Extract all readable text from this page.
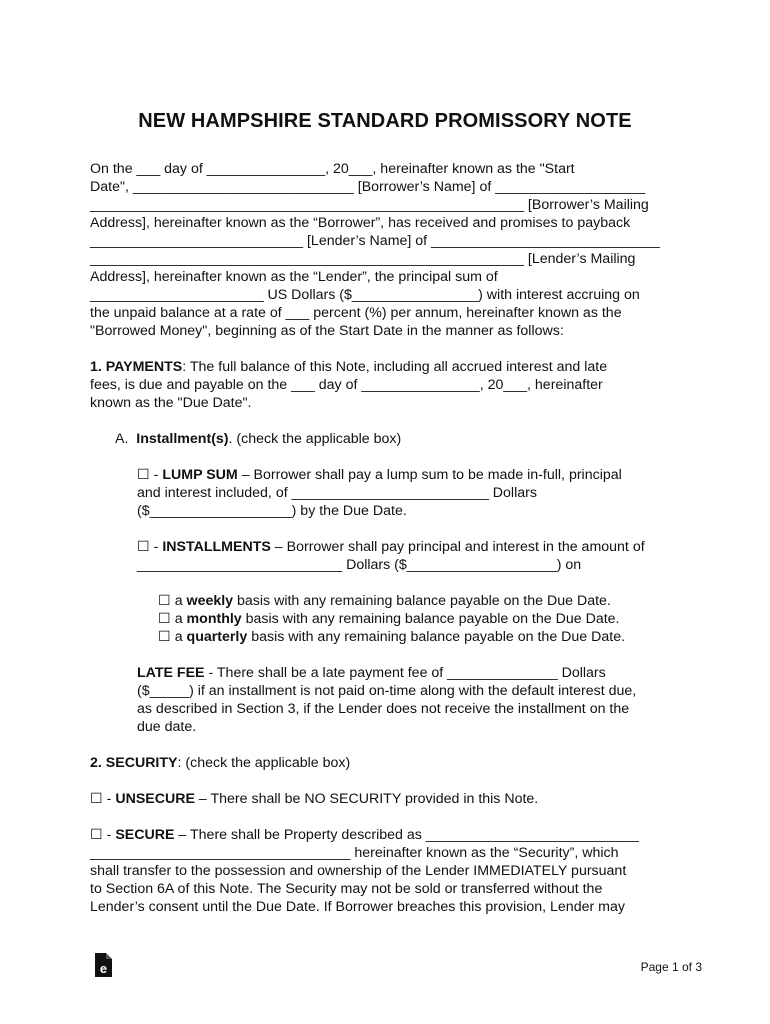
NEW HAMPSHIRE STANDARD PROMISSORY NOTE

On the ___ day of _______________, 20___, hereinafter known as the "Start

Date", ____________________________ [Borrower’s Name] of ___________________

_______________________________________________________ [Borrower’s Mailing

Address], hereinafter known as the “Borrower”, has received and promises to payback

___________________________ [Lender’s Name] of _____________________________

_______________________________________________________ [Lender’s Mailing

Address], hereinafter known as the “Lender”, the principal sum of

______________________ US Dollars ($________________) with interest accruing on

the unpaid balance at a rate of ___ percent (%) per annum, hereinafter known as the

"Borrowed Money", beginning as of the Start Date in the manner as follows:

1. PAYMENTS: The full balance of this Note, including all accrued interest and late

fees, is due and payable on the ___ day of _______________, 20___, hereinafter

known as the "Due Date".

A. Installment(s). (check the applicable box)

☐ - LUMP SUM – Borrower shall pay a lump sum to be made in-full, principal

and interest included, of _________________________ Dollars

($__________________) by the Due Date.

☐ - INSTALLMENTS – Borrower shall pay principal and interest in the amount of

__________________________ Dollars ($___________________) on

☐ a weekly basis with any remaining balance payable on the Due Date.

☐ a monthly basis with any remaining balance payable on the Due Date.

☐ a quarterly basis with any remaining balance payable on the Due Date.

LATE FEE - There shall be a late payment fee of ______________ Dollars

($_____) if an installment is not paid on-time along with the default interest due,

as described in Section 3, if the Lender does not receive the installment on the

due date.

2. SECURITY: (check the applicable box)

☐ - UNSECURE – There shall be NO SECURITY provided in this Note.

☐ - SECURE – There shall be Property described as ___________________________

_________________________________ hereinafter known as the “Security”, which

shall transfer to the possession and ownership of the Lender IMMEDIATELY pursuant

to Section 6A of this Note. The Security may not be sold or transferred without the

Lender’s consent until the Due Date. If Borrower breaches this provision, Lender may

e	Page 1 of 3
